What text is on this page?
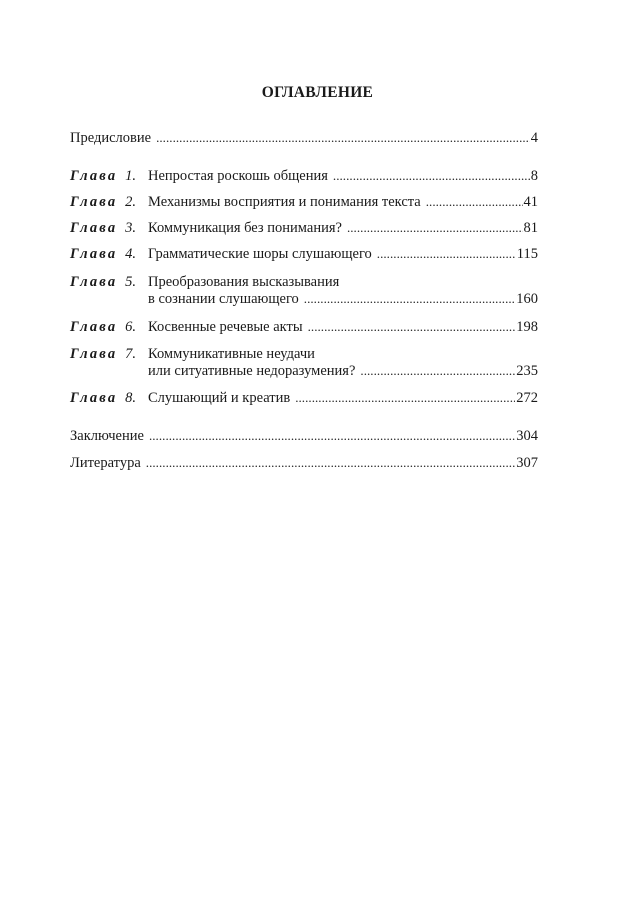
ОГЛАВЛЕНИЕ
Предисловие . . .	4
Глава 1. Непростая роскошь общения . . .	8
Глава 2. Механизмы восприятия и понимания текста . . .	41
Глава 3. Коммуникация без понимания? . . .	81
Глава 4. Грамматические шоры слушающего . . .	115
Глава 5. Преобразования высказывания
в сознании слушающего . . .	160
Глава 6. Косвенные речевые акты . . .	198
Глава 7. Коммуникативные неудачи
или ситуативные недоразумения? . . .	235
Глава 8. Слушающий и креатив . . .	272
Заключение . . .	304
Литература . . .	307
